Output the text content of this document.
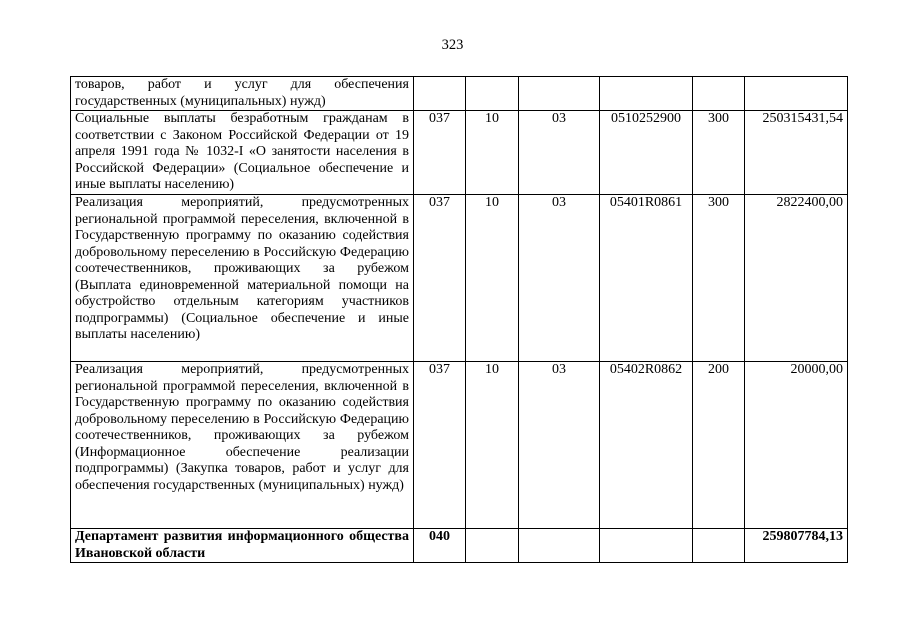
323
товаров, работ и услуг для обеспечения государственных (муниципальных) нужд)						
Социальные выплаты безработным гражданам в соответствии с Законом Российской Федерации от 19 апреля 1991 года № 1032-I «О занятости населения в Российской Федерации» (Социальное обеспечение и иные выплаты населению)	037	10	03	0510252900	300	250315431,54
Реализация мероприятий, предусмотренных региональной программой переселения, включенной в Государственную программу по оказанию содействия добровольному переселению в Российскую Федерацию соотечественников, проживающих за рубежом (Выплата единовременной материальной помощи на обустройство отдельным категориям участников подпрограммы) (Социальное обеспечение и иные выплаты населению)	037	10	03	05401R0861	300	2822400,00
Реализация мероприятий, предусмотренных региональной программой переселения, включенной в Государственную программу по оказанию содействия добровольному переселению в Российскую Федерацию соотечественников, проживающих за рубежом (Информационное обеспечение реализации подпрограммы) (Закупка товаров, работ и услуг для обеспечения государственных (муниципальных) нужд)	037	10	03	05402R0862	200	20000,00
Департамент развития информационного общества Ивановской области	040					259807784,13
